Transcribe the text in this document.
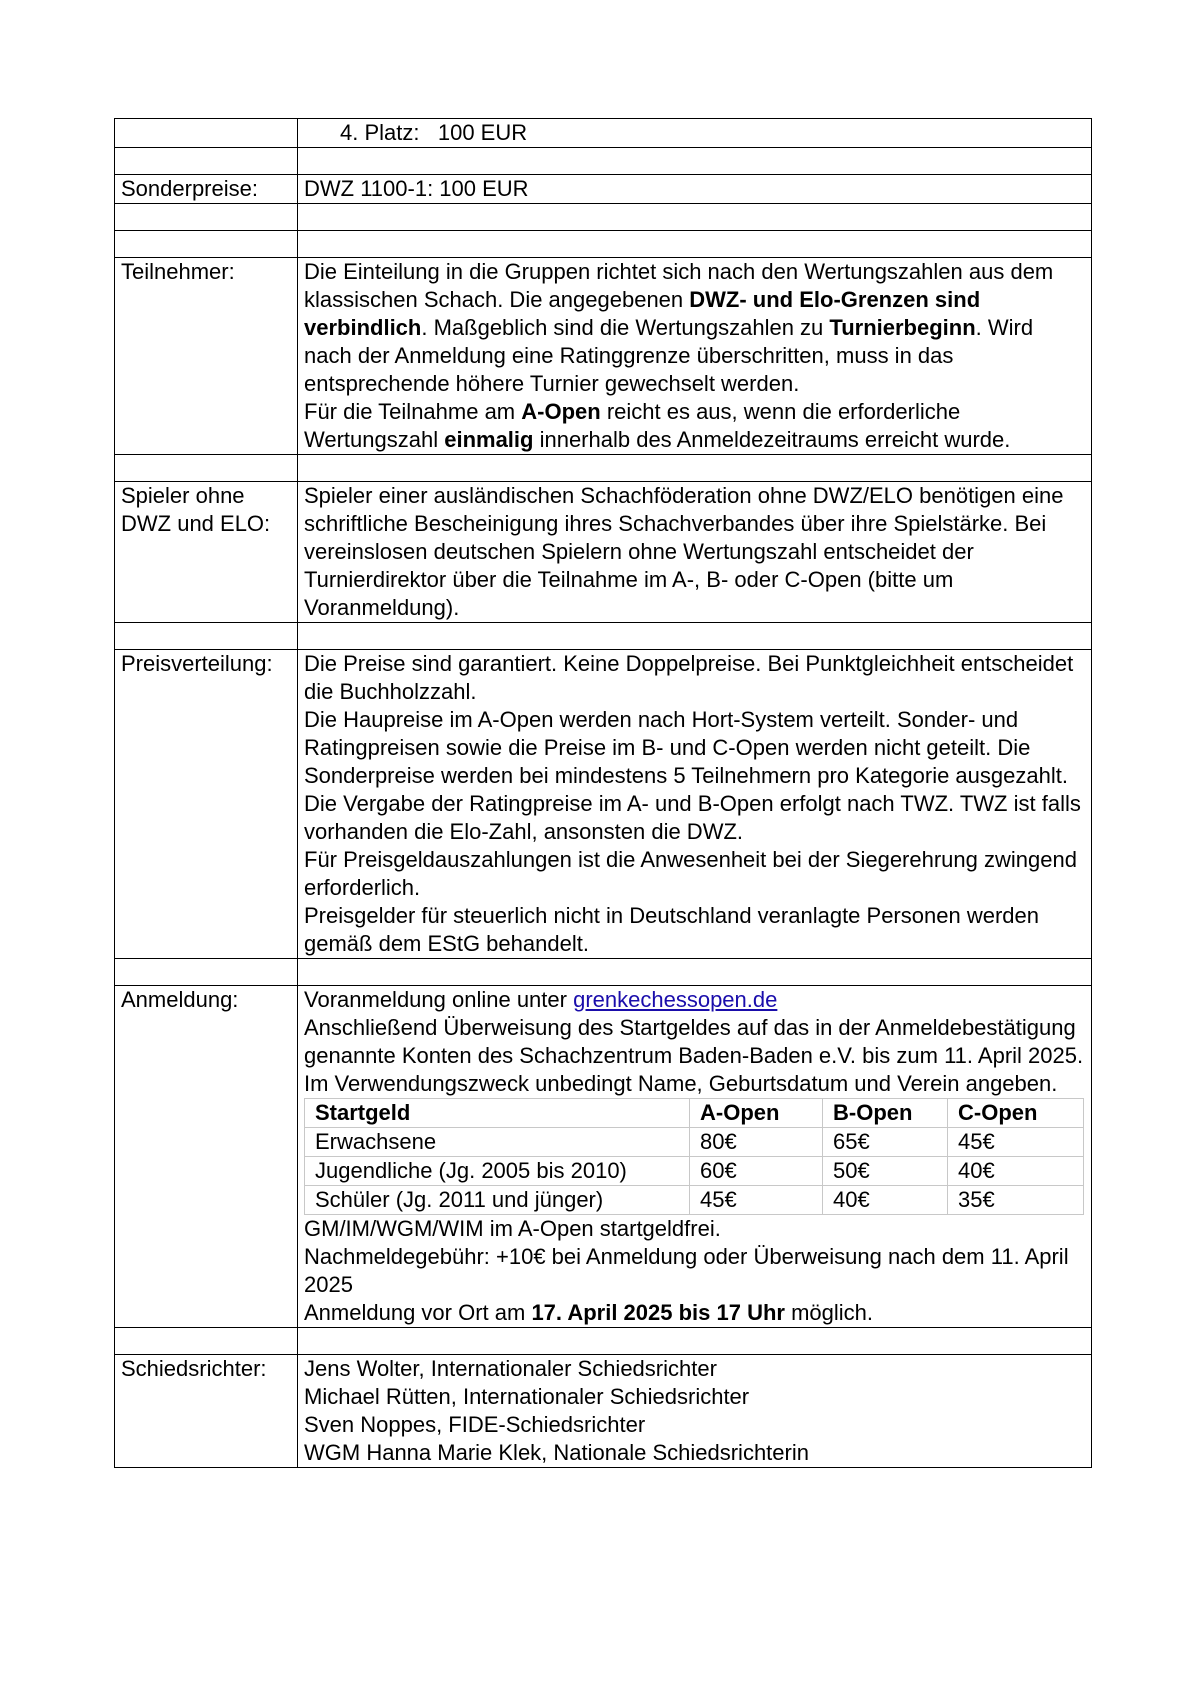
	4. Platz: 100 EUR

Sonderpreise:	DWZ 1100-1: 100 EUR

Teilnehmer:	Die Einteilung in die Gruppen richtet sich nach den Wertungszahlen aus dem klassischen Schach. Die angegebenen DWZ- und Elo-Grenzen sind verbindlich. Maßgeblich sind die Wertungszahlen zu Turnierbeginn. Wird nach der Anmeldung eine Ratinggrenze überschritten, muss in das entsprechende höhere Turnier gewechselt werden.
Für die Teilnahme am A-Open reicht es aus, wenn die erforderliche Wertungszahl einmalig innerhalb des Anmeldezeitraums erreicht wurde.

Spieler ohne DWZ und ELO:	Spieler einer ausländischen Schachföderation ohne DWZ/ELO benötigen eine schriftliche Bescheinigung ihres Schachverbandes über ihre Spielstärke. Bei vereinslosen deutschen Spielern ohne Wertungszahl entscheidet der Turnierdirektor über die Teilnahme im A-, B- oder C-Open (bitte um Voranmeldung).

Preisverteilung:	Die Preise sind garantiert. Keine Doppelpreise. Bei Punktgleichheit entscheidet die Buchholzzahl.
Die Haupreise im A-Open werden nach Hort-System verteilt. Sonder- und Ratingpreisen sowie die Preise im B- und C-Open werden nicht geteilt. Die Sonderpreise werden bei mindestens 5 Teilnehmern pro Kategorie ausgezahlt.
Die Vergabe der Ratingpreise im A- und B-Open erfolgt nach TWZ. TWZ ist falls vorhanden die Elo-Zahl, ansonsten die DWZ.
Für Preisgeldauszahlungen ist die Anwesenheit bei der Siegerehrung zwingend erforderlich.
Preisgelder für steuerlich nicht in Deutschland veranlagte Personen werden gemäß dem EStG behandelt.

Anmeldung:	Voranmeldung online unter grenkechessopen.de
Anschließend Überweisung des Startgeldes auf das in der Anmeldebestätigung genannte Konten des Schachzentrum Baden-Baden e.V. bis zum 11. April 2025. Im Verwendungszweck unbedingt Name, Geburtsdatum und Verein angeben.
Startgeld	A-Open	B-Open	C-Open
Erwachsene	80€	65€	45€
Jugendliche (Jg. 2005 bis 2010)	60€	50€	40€
Schüler (Jg. 2011 und jünger)	45€	40€	35€
GM/IM/WGM/WIM im A-Open startgeldfrei.
Nachmeldegebühr: +10€ bei Anmeldung oder Überweisung nach dem 11. April 2025
Anmeldung vor Ort am 17. April 2025 bis 17 Uhr möglich.

Schiedsrichter:	Jens Wolter, Internationaler Schiedsrichter
Michael Rütten, Internationaler Schiedsrichter
Sven Noppes, FIDE-Schiedsrichter
WGM Hanna Marie Klek, Nationale Schiedsrichterin
